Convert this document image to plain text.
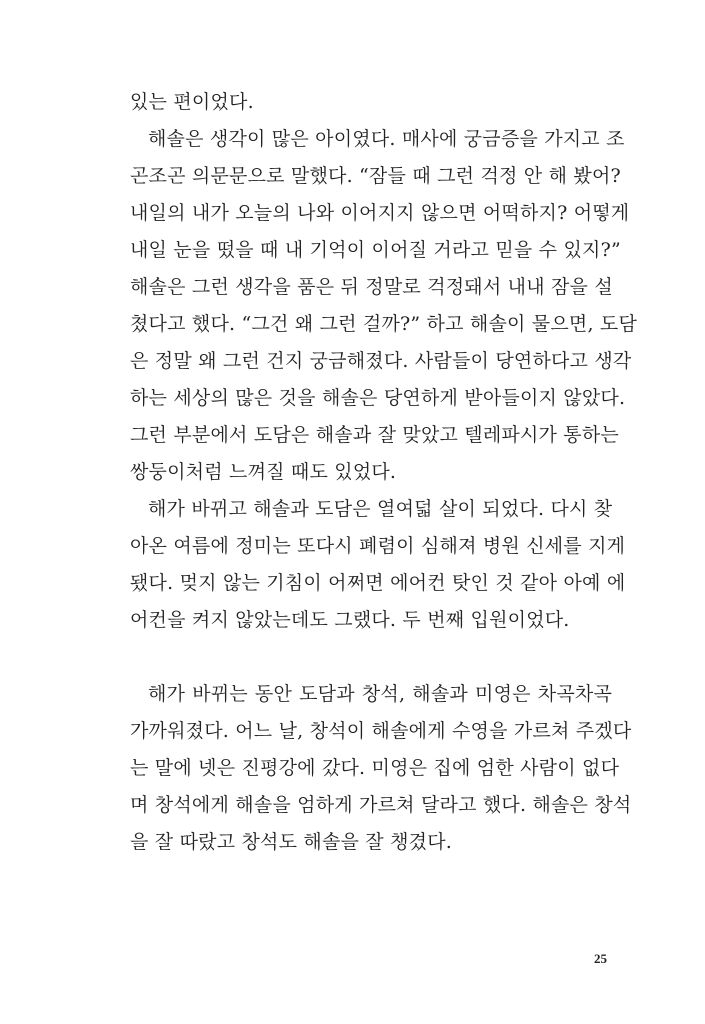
있는 편이었다.
해솔은 생각이 많은 아이였다. 매사에 궁금증을 가지고 조
곤조곤 의문문으로 말했다. “잠들 때 그런 걱정 안 해 봤어?
내일의 내가 오늘의 나와 이어지지 않으면 어떡하지? 어떻게
내일 눈을 떴을 때 내 기억이 이어질 거라고 믿을 수 있지?”
해솔은 그런 생각을 품은 뒤 정말로 걱정돼서 내내 잠을 설
쳤다고 했다. “그건 왜 그런 걸까?” 하고 해솔이 물으면, 도담
은 정말 왜 그런 건지 궁금해졌다. 사람들이 당연하다고 생각
하는 세상의 많은 것을 해솔은 당연하게 받아들이지 않았다.
그런 부분에서 도담은 해솔과 잘 맞았고 텔레파시가 통하는
쌍둥이처럼 느껴질 때도 있었다.
해가 바뀌고 해솔과 도담은 열여덟 살이 되었다. 다시 찾
아온 여름에 정미는 또다시 폐렴이 심해져 병원 신세를 지게
됐다. 멎지 않는 기침이 어쩌면 에어컨 탓인 것 같아 아예 에
어컨을 켜지 않았는데도 그랬다. 두 번째 입원이었다.
해가 바뀌는 동안 도담과 창석, 해솔과 미영은 차곡차곡
가까워졌다. 어느 날, 창석이 해솔에게 수영을 가르쳐 주겠다
는 말에 넷은 진평강에 갔다. 미영은 집에 엄한 사람이 없다
며 창석에게 해솔을 엄하게 가르쳐 달라고 했다. 해솔은 창석
을 잘 따랐고 창석도 해솔을 잘 챙겼다.
25
